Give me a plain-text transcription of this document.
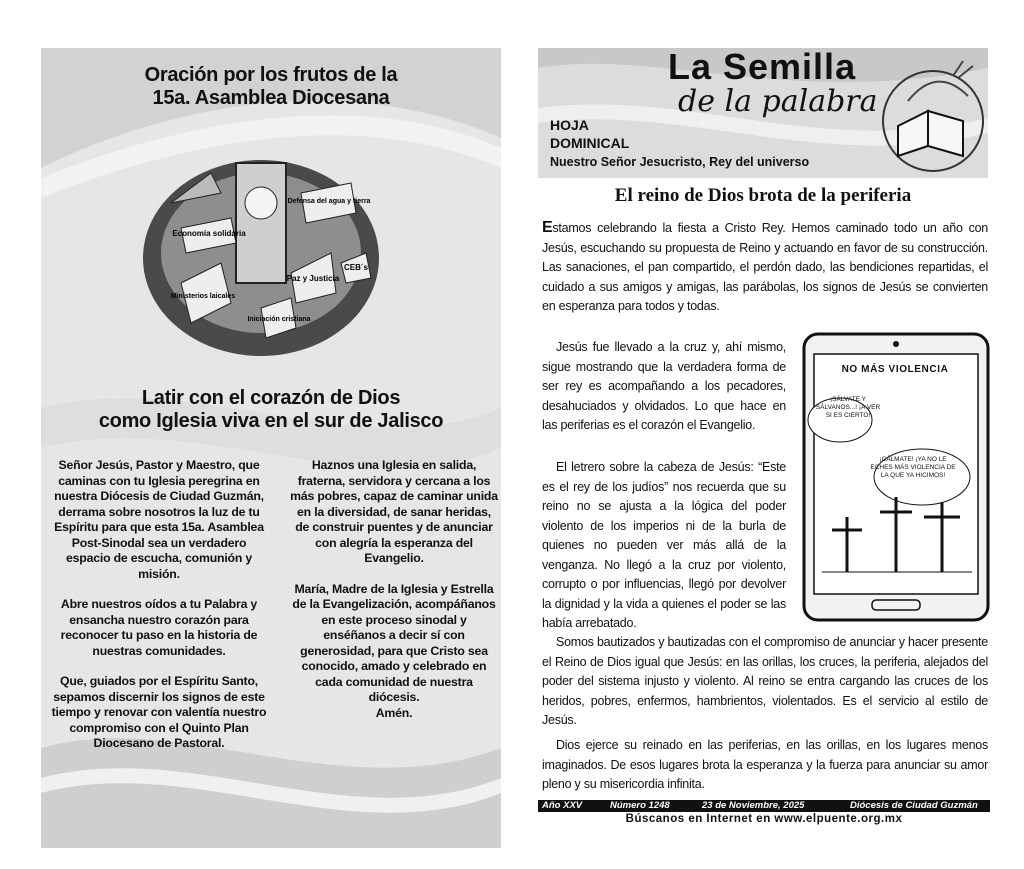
Oración por los frutos de la
15a. Asamblea Diocesana
Economía solidaria
Defensa del agua y tierra
Ministerios laicales
Paz y Justicia
CEB´s
Iniciación cristiana
Latir con el corazón de Dios
como Iglesia viva en el sur de Jalisco

Señor Jesús, Pastor y Maestro, que caminas con tu Iglesia peregrina en nuestra Diócesis de Ciudad Guzmán, derrama sobre nosotros la luz de tu Espíritu para que esta 15a. Asamblea Post-Sinodal sea un verdadero espacio de escucha, comunión y misión.

Abre nuestros oídos a tu Palabra y ensancha nuestro corazón para reconocer tu paso en la historia de nuestras comunidades.

Que, guiados por el Espíritu Santo, sepamos discernir los signos de este tiempo y renovar con valentía nuestro compromiso con el Quinto Plan Diocesano de Pastoral.

Haznos una Iglesia en salida, fraterna, servidora y cercana a los más pobres, capaz de caminar unida en la diversidad, de sanar heridas, de construir puentes y de anunciar con alegría la esperanza del Evangelio.

María, Madre de la Iglesia y Estrella de la Evangelización, acompáñanos en este proceso sinodal y enséñanos a decir sí con generosidad, para que Cristo sea conocido, amado y celebrado en cada comunidad de nuestra diócesis.

Amén.

La Semilla
de la palabra
HOJA
DOMINICAL
Nuestro Señor Jesucristo, Rey del universo
El reino de Dios brota de la periferia
Estamos celebrando la fiesta a Cristo Rey. Hemos caminado todo un año con Jesús, escuchando su propuesta de Reino y actuando en favor de su construcción. Las sanaciones, el pan compartido, el perdón dado, las bendiciones repartidas, el cuidado a sus amigos y amigas, las parábolas, los signos de Jesús se convierten en esperanza para todos y todas.
Jesús fue llevado a la cruz y, ahí mismo, sigue mostrando que la verdadera forma de ser rey es acompañando a los pecadores, desahuciados y olvidados. Lo que hace en las periferias es el corazón el Evangelio.
El letrero sobre la cabeza de Jesús: “Este es el rey de los judíos” nos recuerda que su reino no se ajusta a la lógica del poder violento de los imperios ni de la burla de quienes no pueden ver más allá de la venganza. No llegó a la cruz por violento, corrupto o por influencias, llegó por devolver la dignidad y la vida a quienes el poder se las había arrebatado.
NO MÁS VIOLENCIA
¡SÁLVATE Y SÁLVANOS...! ¡A VER SI ES CIERTO!
¡CÁLMATE! ¡YA NO LE ECHES MÁS VIOLENCIA DE LA QUE YA HICIMOS!
Somos bautizados y bautizadas con el compromiso de anunciar y hacer presente el Reino de Dios igual que Jesús: en las orillas, los cruces, la periferia, alejados del poder del sistema injusto y violento. Al reino se entra cargando las cruces de los heridos, pobres, enfermos, hambrientos, violentados. Es el servicio al estilo de Jesús.
Dios ejerce su reinado en las periferias, en las orillas, en los lugares menos imaginados. De esos lugares brota la esperanza y la fuerza para anunciar su amor pleno y su misericordia infinita.
Año XXV	Número 1248	23 de Noviembre, 2025	Diócesis de Ciudad Guzmán
Búscanos en Internet en www.elpuente.org.mx
